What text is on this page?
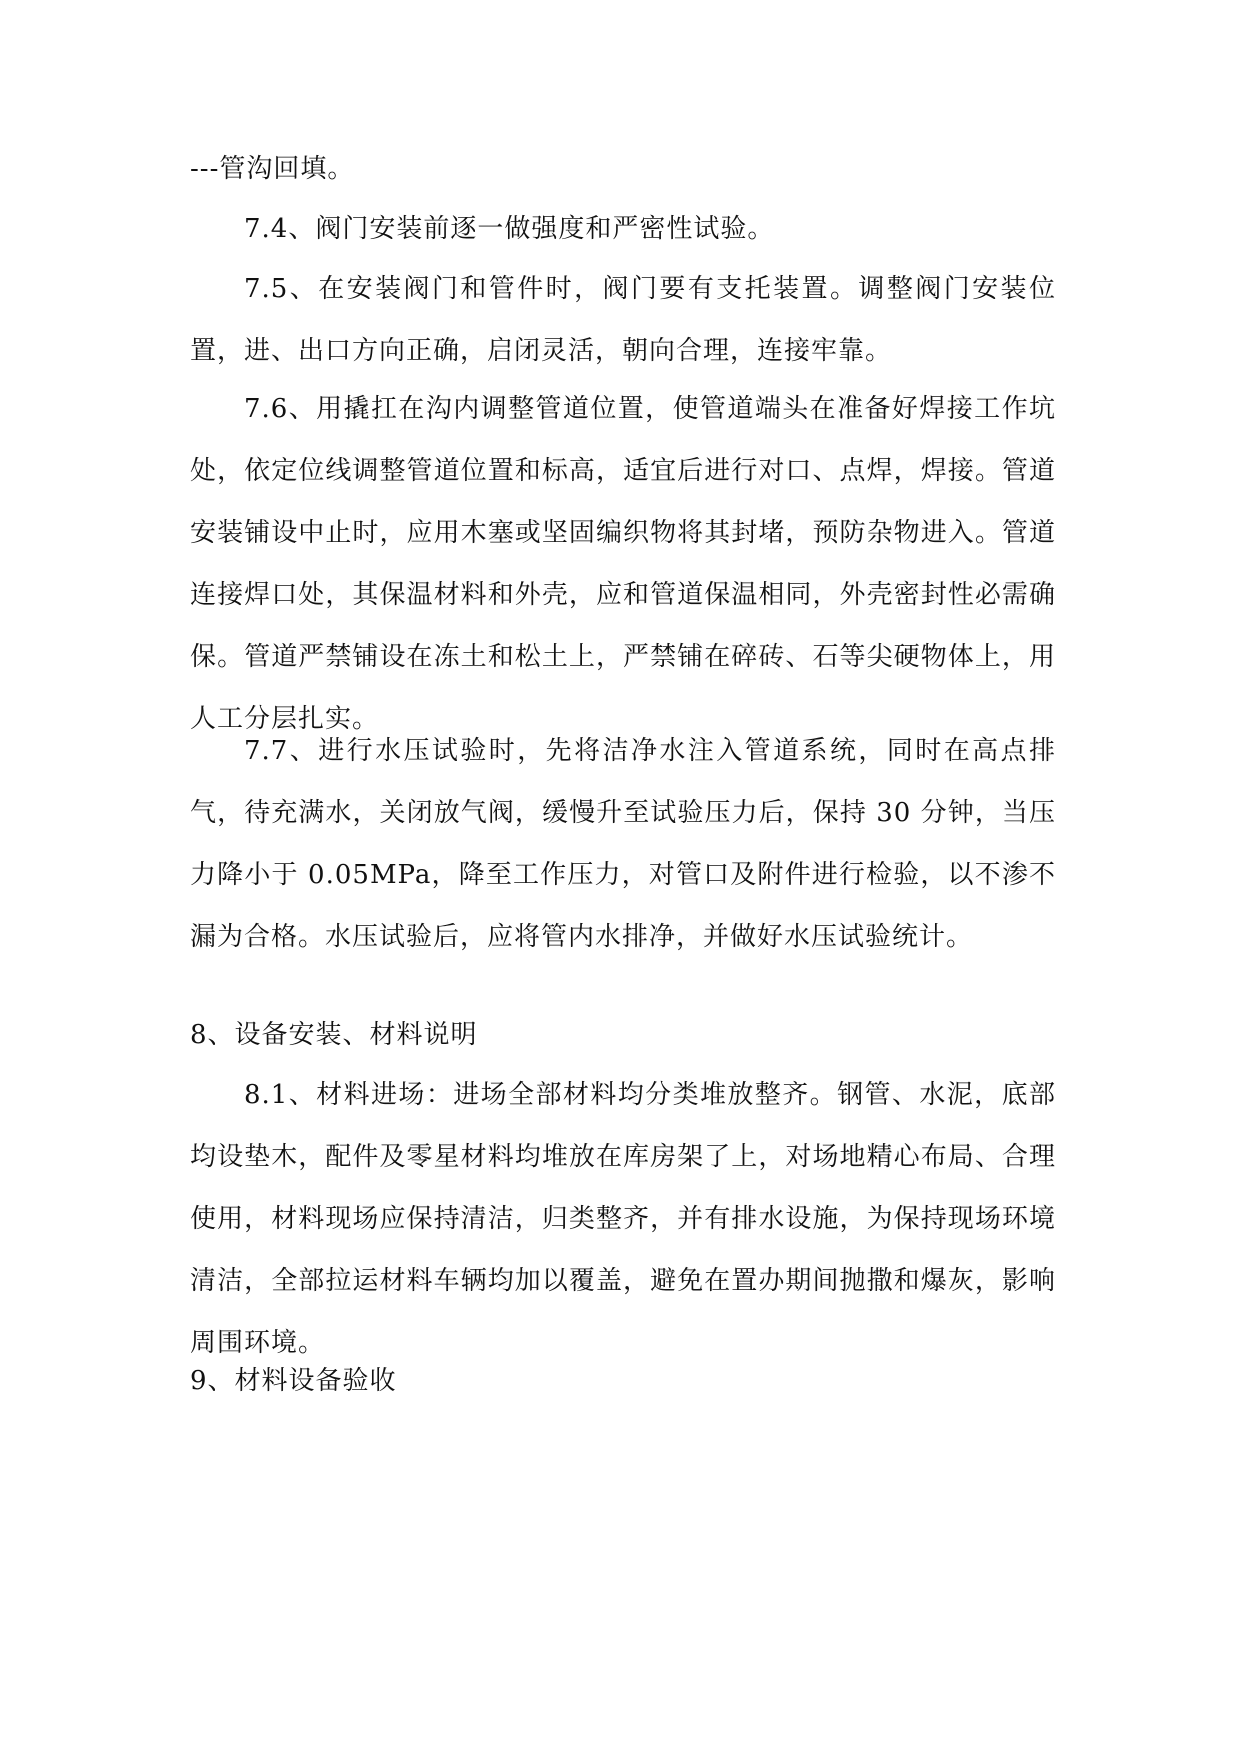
---管沟回填。

7.4、阀门安装前逐一做强度和严密性试验。

7.5、在安装阀门和管件时，阀门要有支托装置。调整阀门安装位置，进、出口方向正确，启闭灵活，朝向合理，连接牢靠。

7.6、用撬扛在沟内调整管道位置，使管道端头在准备好焊接工作坑处，依定位线调整管道位置和标高，适宜后进行对口、点焊，焊接。管道安装铺设中止时，应用木塞或坚固编织物将其封堵，预防杂物进入。管道连接焊口处，其保温材料和外壳，应和管道保温相同，外壳密封性必需确保。管道严禁铺设在冻土和松土上，严禁铺在碎砖、石等尖硬物体上，用人工分层扎实。

7.7、进行水压试验时，先将洁净水注入管道系统，同时在高点排气，待充满水，关闭放气阀，缓慢升至试验压力后，保持 30 分钟，当压力降小于 0.05MPa，降至工作压力，对管口及附件进行检验，以不渗不漏为合格。水压试验后，应将管内水排净，并做好水压试验统计。

8、设备安装、材料说明

8.1、材料进场：进场全部材料均分类堆放整齐。钢管、水泥，底部均设垫木，配件及零星材料均堆放在库房架了上，对场地精心布局、合理使用，材料现场应保持清洁，归类整齐，并有排水设施，为保持现场环境清洁，全部拉运材料车辆均加以覆盖，避免在置办期间抛撒和爆灰，影响周围环境。

9、材料设备验收
